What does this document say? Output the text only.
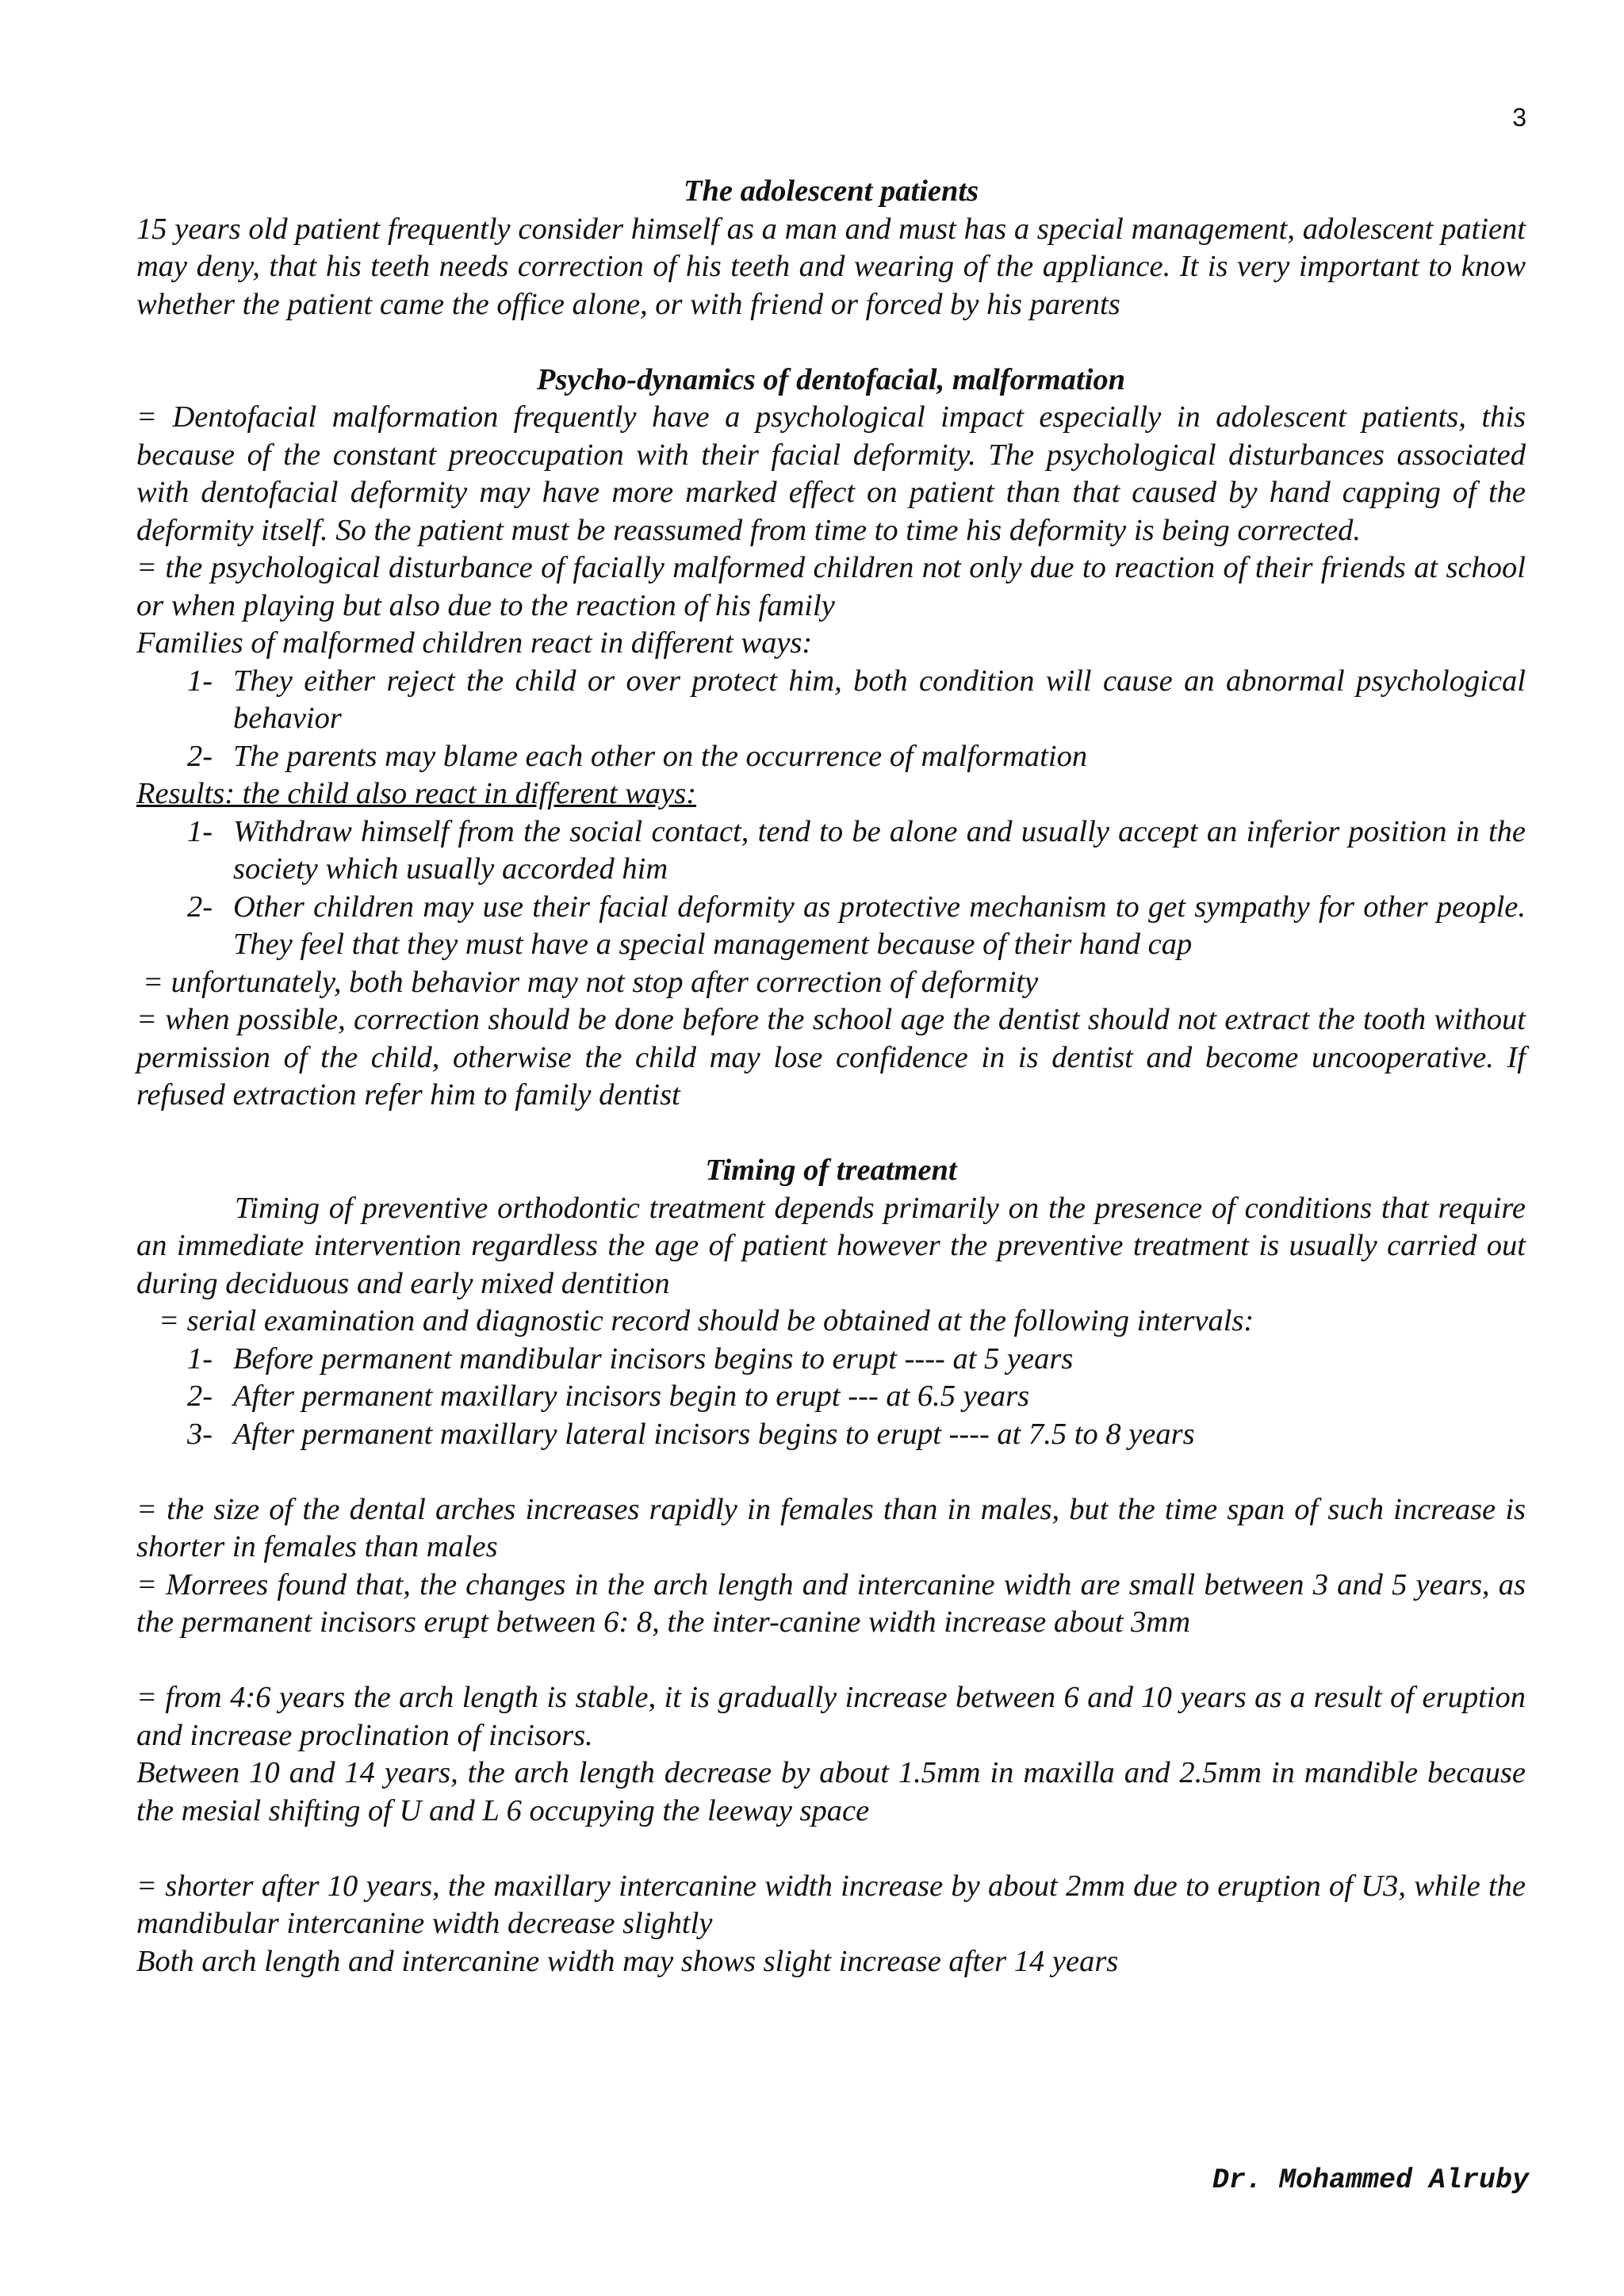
3

The adolescent patients

15 years old patient frequently consider himself as a man and must has a special management, adolescent patient may deny, that his teeth needs correction of his teeth and wearing of the appliance. It is very important to know whether the patient came the office alone, or with friend or forced by his parents

Psycho-dynamics of dentofacial, malformation

= Dentofacial malformation frequently have a psychological impact especially in adolescent patients, this because of the constant preoccupation with their facial deformity. The psychological disturbances associated with dentofacial deformity may have more marked effect on patient than that caused by hand capping of the deformity itself. So the patient must be reassumed from time to time his deformity is being corrected.

= the psychological disturbance of facially malformed children not only due to reaction of their friends at school or when playing but also due to the reaction of his family

Families of malformed children react in different ways:

1- They either reject the child or over protect him, both condition will cause an abnormal psychological behavior
2- The parents may blame each other on the occurrence of malformation

Results: the child also react in different ways:

1- Withdraw himself from the social contact, tend to be alone and usually accept an inferior position in the society which usually accorded him
2- Other children may use their facial deformity as protective mechanism to get sympathy for other people. They feel that they must have a special management because of their hand cap

= unfortunately, both behavior may not stop after correction of deformity

= when possible, correction should be done before the school age the dentist should not extract the tooth without permission of the child, otherwise the child may lose confidence in is dentist and become uncooperative. If refused extraction refer him to family dentist

Timing of treatment

Timing of preventive orthodontic treatment depends primarily on the presence of conditions that require an immediate intervention regardless the age of patient however the preventive treatment is usually carried out during deciduous and early mixed dentition

= serial examination and diagnostic record should be obtained at the following intervals:

1- Before permanent mandibular incisors begins to erupt ---- at 5 years
2- After permanent maxillary incisors begin to erupt --- at 6.5 years
3- After permanent maxillary lateral incisors begins to erupt ---- at 7.5 to 8 years

= the size of the dental arches increases rapidly in females than in males, but the time span of such increase is shorter in females than males

= Morrees found that, the changes in the arch length and intercanine width are small between 3 and 5 years, as the permanent incisors erupt between 6: 8, the inter-canine width increase about 3mm

= from 4:6 years the arch length is stable, it is gradually increase between 6 and 10 years as a result of eruption and increase proclination of incisors.

Between 10 and 14 years, the arch length decrease by about 1.5mm in maxilla and 2.5mm in mandible because the mesial shifting of U and L 6 occupying the leeway space

= shorter after 10 years, the maxillary intercanine width increase by about 2mm due to eruption of U3, while the mandibular intercanine width decrease slightly

Both arch length and intercanine width may shows slight increase after 14 years

Dr. Mohammed Alruby
